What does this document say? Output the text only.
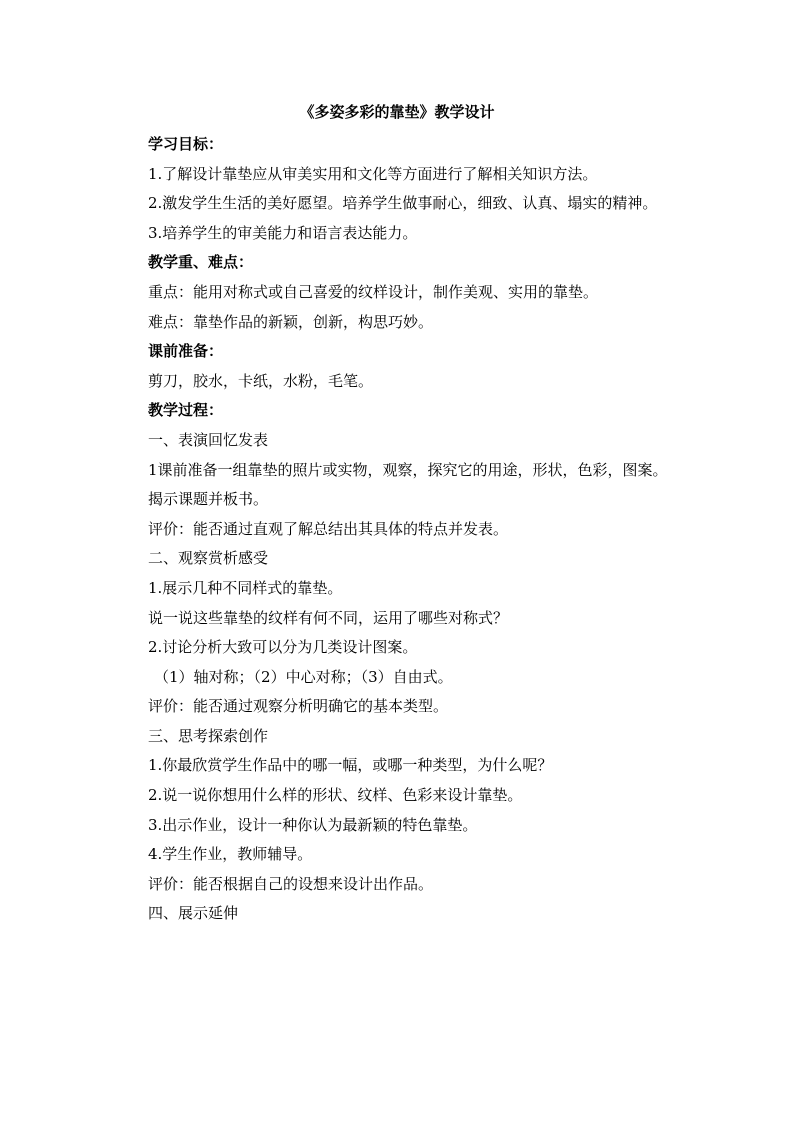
《多姿多彩的靠垫》教学设计
学习目标：
1.了解设计靠垫应从审美实用和文化等方面进行了解相关知识方法。
2.激发学生生活的美好愿望。培养学生做事耐心，细致、认真、塌实的精神。
3.培养学生的审美能力和语言表达能力。
教学重、难点：
重点：能用对称式或自己喜爱的纹样设计，制作美观、实用的靠垫。
难点：靠垫作品的新颖，创新，构思巧妙。
课前准备：
剪刀，胶水，卡纸，水粉，毛笔。
教学过程：
一、表演回忆发表
1课前准备一组靠垫的照片或实物，观察，探究它的用途，形状，色彩，图案。
揭示课题并板书。
评价：能否通过直观了解总结出其具体的特点并发表。
二、观察赏析感受
1.展示几种不同样式的靠垫。
说一说这些靠垫的纹样有何不同，运用了哪些对称式？
2.讨论分析大致可以分为几类设计图案。
（1）轴对称；（2）中心对称；（3）自由式。
评价：能否通过观察分析明确它的基本类型。
三、思考探索创作
1.你最欣赏学生作品中的哪一幅，或哪一种类型，为什么呢？
2.说一说你想用什么样的形状、纹样、色彩来设计靠垫。
3.出示作业，设计一种你认为最新颖的特色靠垫。
4.学生作业，教师辅导。
评价：能否根据自己的设想来设计出作品。
四、展示延伸
